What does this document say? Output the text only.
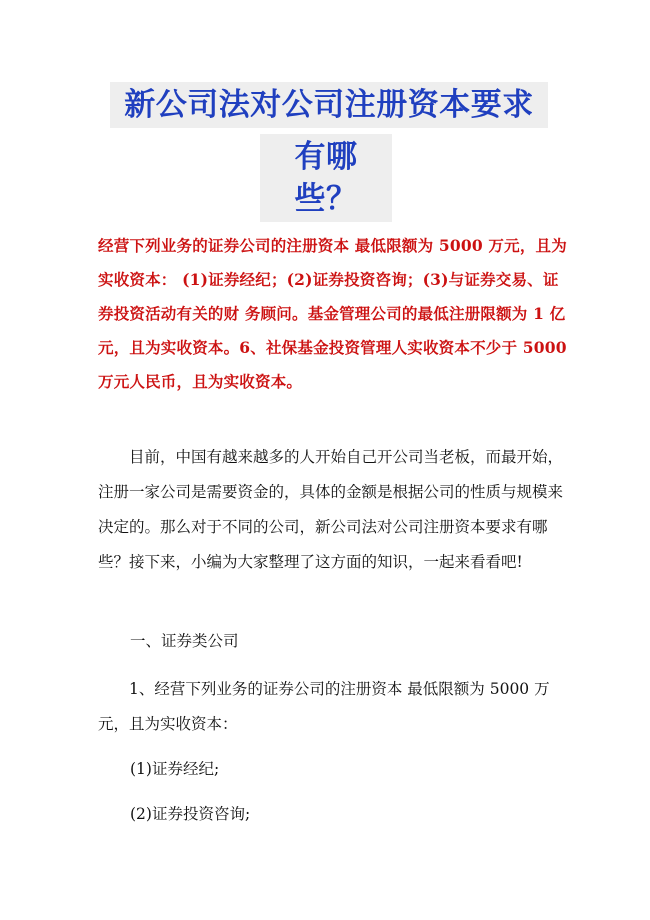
新公司法对公司注册资本要求
有哪些？
经营下列业务的证券公司的注册资本 最低限额为 5000 万元，且为实收资本： (1)证券经纪；(2)证券投资咨询；(3)与证券交易、证券投资活动有关的财 务顾问。基金管理公司的最低注册限额为 1 亿 元，且为实收资本。6、社保基金投资管理人实收资本不少于 5000 万元人民币，且为实收资本。
目前，中国有越来越多的人开始自己开公司当老板，而最开始，注册一家公司是需要资金的，具体的金额是根据公司的性质与规模来决定的。那么对于不同的公司，新公司法对公司注册资本要求有哪些？接下来，小编为大家整理了这方面的知识，一起来看看吧!
一、证券类公司
1、经营下列业务的证券公司的注册资本 最低限额为 5000 万元，且为实收资本：
(1)证券经纪;
(2)证券投资咨询;
